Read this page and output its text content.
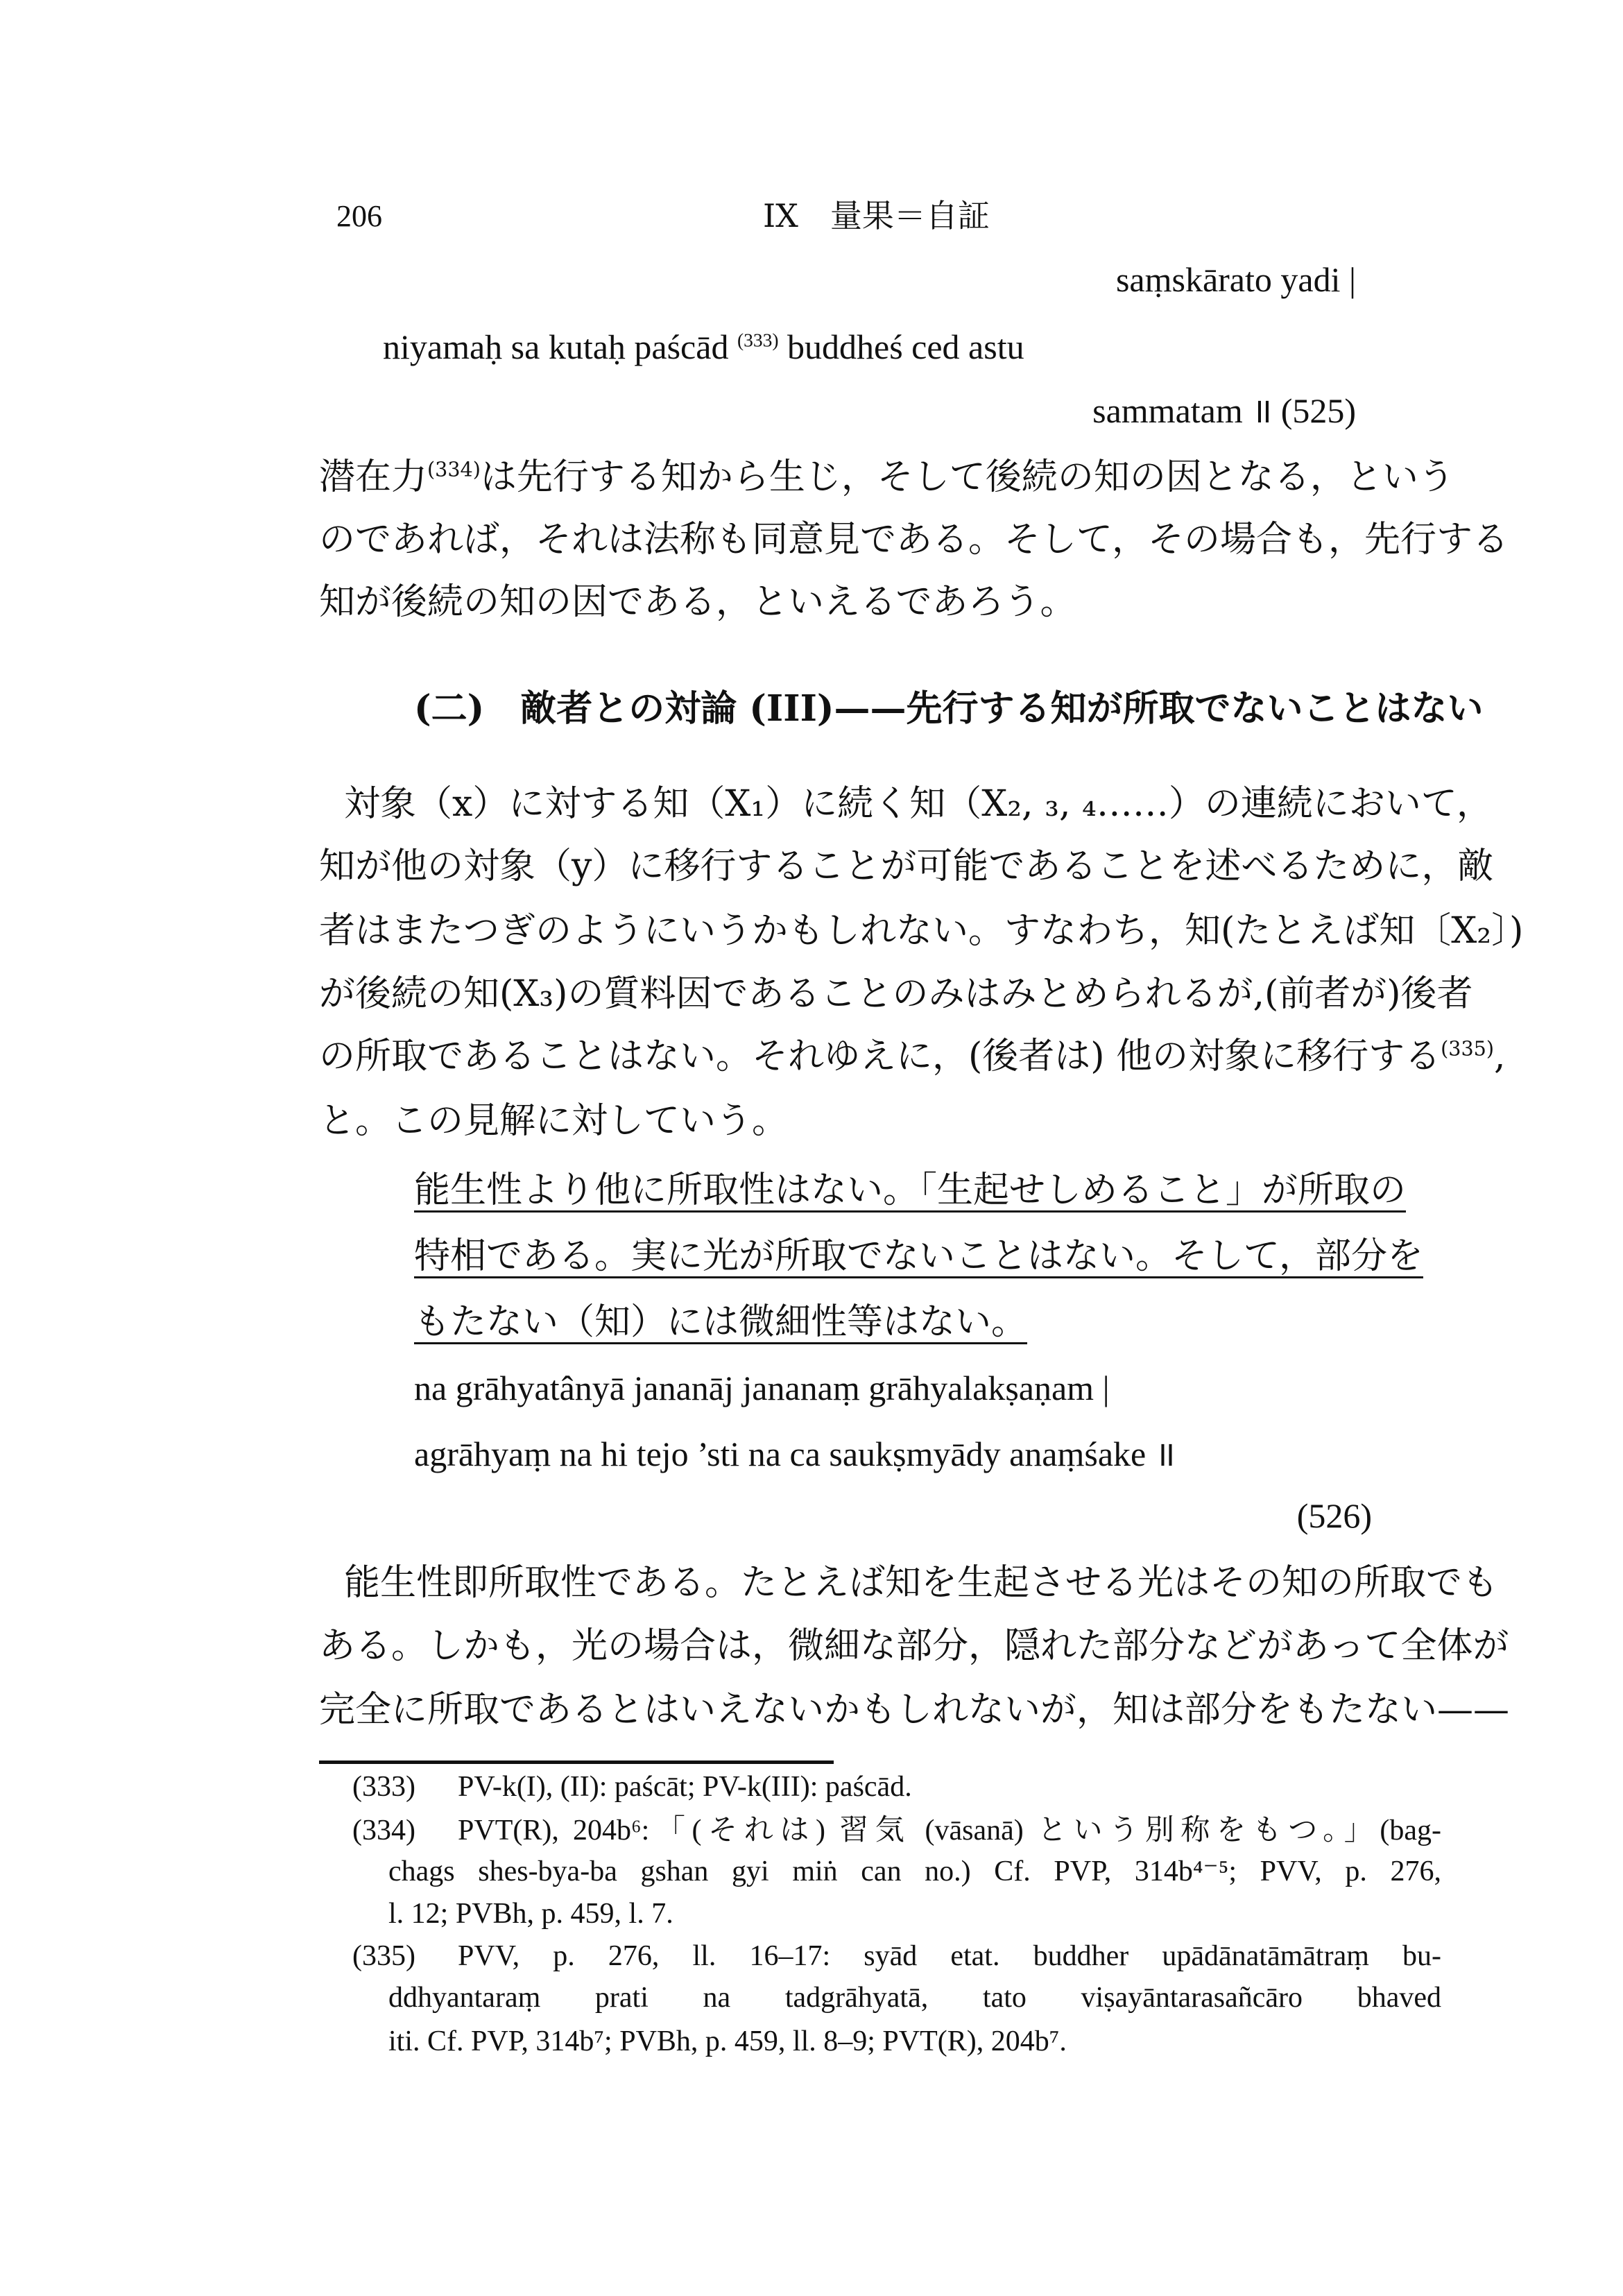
206	IX　量果＝自証
saṃskārato yadi |
niyamaḥ sa kutaḥ paścād $^{(333)}$ buddheś ced astu
sammatam ॥ (525)
潜在力$^{(334)}$は先行する知から生じ，そして後続の知の因となる，という
のであれば，それは法称も同意見である。そして，その場合も，先行する
知が後続の知の因である，といえるであろう。
(二)　敵者との対論 (III)——先行する知が所取でないことはない
対象（x）に対する知（X₁）に続く知（X₂, ₃, ₄……）の連続において，
知が他の対象（y）に移行することが可能であることを述べるために，敵
者はまたつぎのようにいうかもしれない。すなわち，知(たとえば知〔X₂〕)
が後続の知(X₃)の質料因であることのみはみとめられるが,(前者が)後者
の所取であることはない。それゆえに，(後者は) 他の対象に移行する$^{(335)}$,
と。この見解に対していう。
能生性より他に所取性はない。「生起せしめること」が所取の
特相である。実に光が所取でないことはない。そして，部分を
もたない（知）には微細性等はない。
na grāhyatânyā jananāj jananaṃ grāhyalakṣaṇam |
agrāhyaṃ na hi tejo ’sti na ca saukṣmyādy anaṃśake ॥
(526)
能生性即所取性である。たとえば知を生起させる光はその知の所取でも
ある。しかも，光の場合は，微細な部分，隠れた部分などがあって全体が
完全に所取であるとはいえないかもしれないが，知は部分をもたない——
(333) PV-k(I), (II): paścāt; PV-k(III): paścād.
(334) PVT(R), 204b⁶:「(それは) 習気 (vāsanā) という別称をもつ。」(bag-
chags shes-bya-ba gshan gyi miṅ can no.) Cf. PVP, 314b⁴⁻⁵; PVV, p. 276,
l. 12; PVBh, p. 459, l. 7.
(335) PVV, p. 276, ll. 16–17: syād etat. buddher upādānatāmātraṃ bu-
ddhyantaraṃ prati na tadgrāhyatā, tato viṣayāntarasañcāro bhaved
iti. Cf. PVP, 314b⁷; PVBh, p. 459, ll. 8–9; PVT(R), 204b⁷.
